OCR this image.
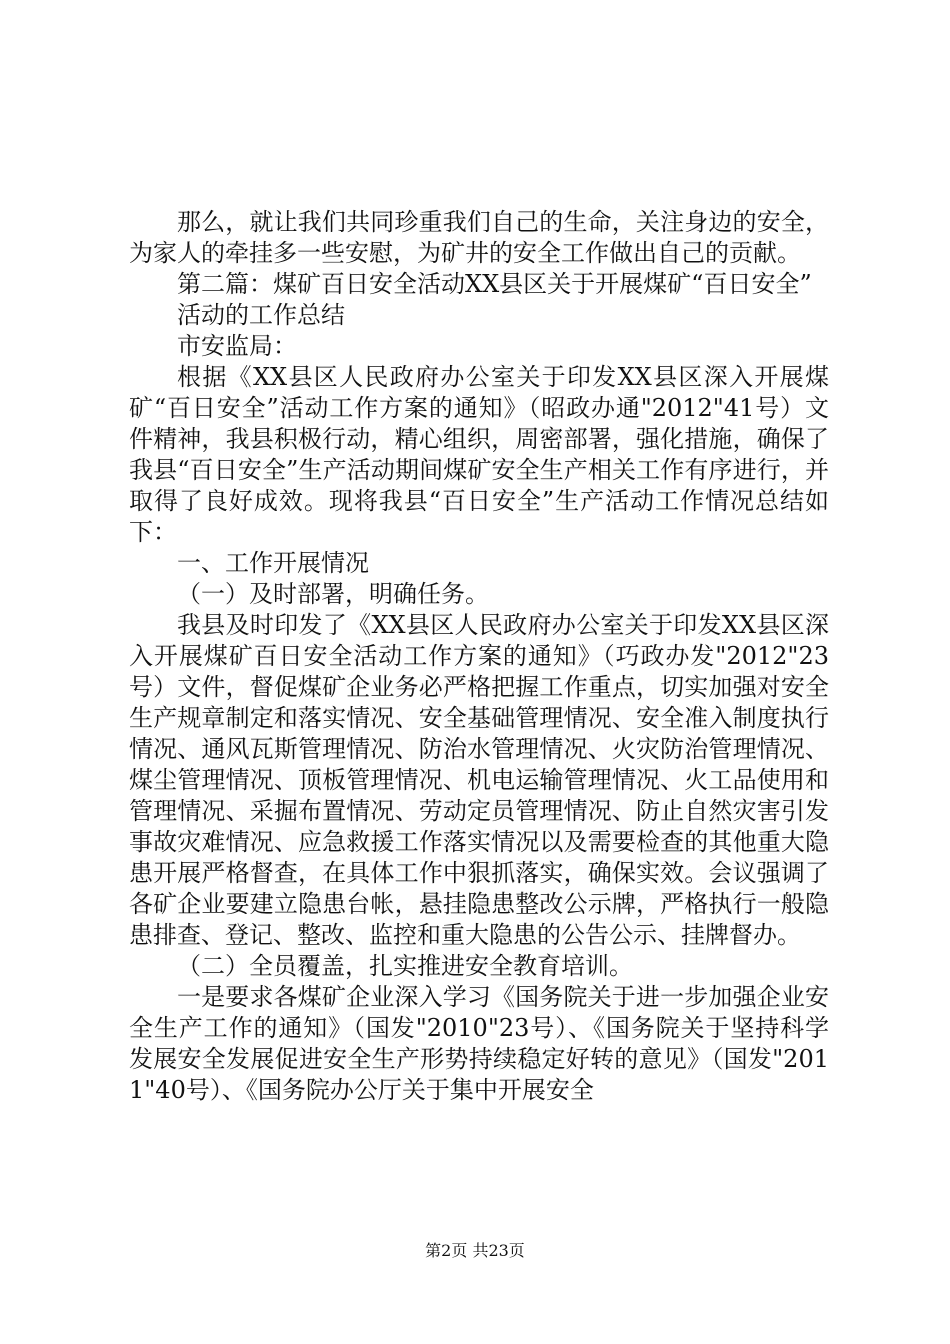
那么，就让我们共同珍重我们自己的生命，关注身边的安全，为家人的牵挂多一些安慰，为矿井的安全工作做出自己的贡献。

第二篇：煤矿百日安全活动XX县区关于开展煤矿“百日安全”

活动的工作总结

市安监局：

根据《XX县区人民政府办公室关于印发XX县区深入开展煤矿“百日安全”活动工作方案的通知》（昭政办通"2012"41号）文件精神，我县积极行动，精心组织，周密部署，强化措施，确保了我县“百日安全”生产活动期间煤矿安全生产相关工作有序进行，并取得了良好成效。现将我县“百日安全”生产活动工作情况总结如下：

一、工作开展情况

（一）及时部署，明确任务。

我县及时印发了《XX县区人民政府办公室关于印发XX县区深入开展煤矿百日安全活动工作方案的通知》（巧政办发"2012"23号）文件，督促煤矿企业务必严格把握工作重点，切实加强对安全生产规章制定和落实情况、安全基础管理情况、安全准入制度执行情况、通风瓦斯管理情况、防治水管理情况、火灾防治管理情况、煤尘管理情况、顶板管理情况、机电运输管理情况、火工品使用和管理情况、采掘布置情况、劳动定员管理情况、防止自然灾害引发事故灾难情况、应急救援工作落实情况以及需要检查的其他重大隐患开展严格督查，在具体工作中狠抓落实，确保实效。会议强调了各矿企业要建立隐患台帐，悬挂隐患整改公示牌，严格执行一般隐患排查、登记、整改、监控和重大隐患的公告公示、挂牌督办。

（二）全员覆盖，扎实推进安全教育培训。

一是要求各煤矿企业深入学习《国务院关于进一步加强企业安全生产工作的通知》（国发"2010"23号）、《国务院关于坚持科学发展安全发展促进安全生产形势持续稳定好转的意见》（国发"2011"40号）、《国务院办公厅关于集中开展安全

第2页 共23页
